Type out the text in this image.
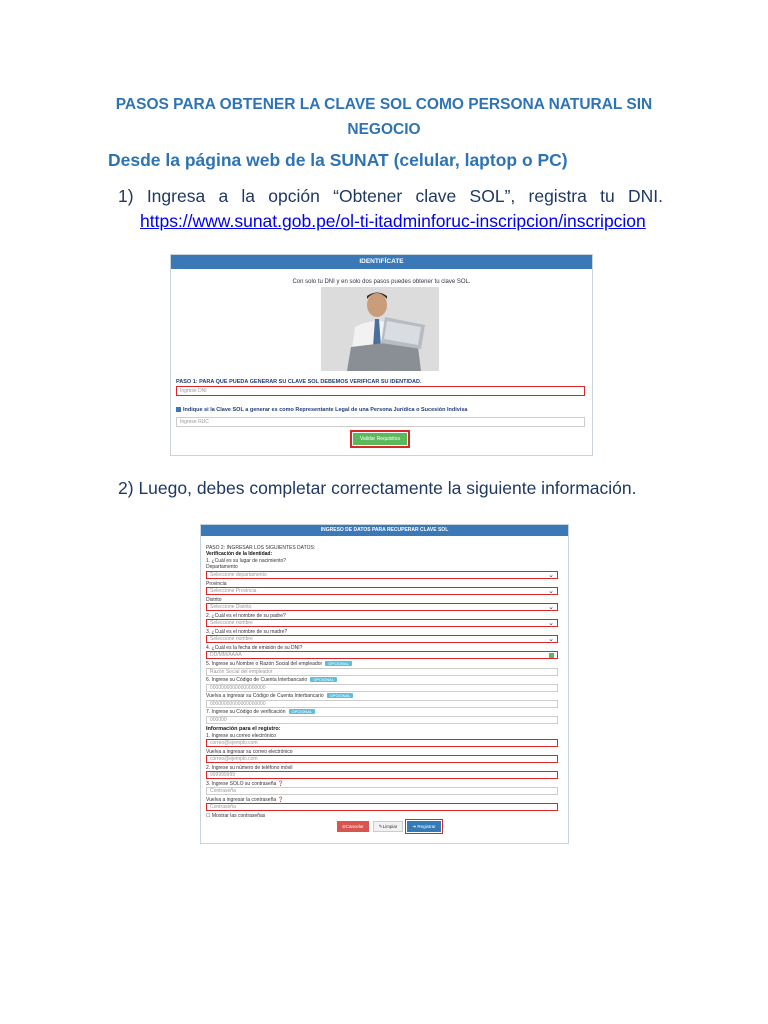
PASOS PARA OBTENER LA CLAVE SOL COMO PERSONA NATURAL SIN
NEGOCIO
Desde la página web de la SUNAT (celular, laptop o PC)
1) Ingresa a la opción “Obtener clave SOL”, registra tu DNI.
https://www.sunat.gob.pe/ol-ti-itadminforuc-inscripcion/inscripcion
IDENTIFÍCATE
Con solo tu DNI y en solo dos pasos puedes obtener tu clave SOL.
PASO 1: PARA QUE PUEDA GENERAR SU CLAVE SOL DEBEMOS VERIFICAR SU IDENTIDAD.
Ingrese DNI
Indique si la Clave SOL a generar es como Representante Legal de una Persona Jurídica o Sucesión Indivisa
Ingrese RUC
Validar Requisitos
2) Luego, debes completar correctamente la siguiente información.
INGRESO DE DATOS PARA RECUPERAR CLAVE SOL
PASO 2: INGRESAR LOS SIGUIENTES DATOS:
Verificación de la Identidad:
1. ¿Cuál es su lugar de nacimiento?
Departamento
Seleccione departamento	⌄
Provincia
Seleccione Provincia	⌄
Distrito
Seleccione Distrito	⌄
2. ¿Cuál es el nombre de su padre?
Seleccione nombre	⌄
3. ¿Cuál es el nombre de su madre?
Seleccione nombre	⌄
4. ¿Cuál es la fecha de emisión de su DNI?
DD/MM/AAAA
5. Ingrese su Nombre o Razón Social del empleador OPCIONAL
Razón Social del empleador
6. Ingrese su Código de Cuenta Interbancario OPCIONAL
00000000000000000000
Vuelva a ingresar su Código de Cuenta Interbancario OPCIONAL
00000000000000000000
7. Ingrese su Código de verificación OPCIONAL
000000
Información para el registro:
1. Ingrese su correo electrónico
correo@ejemplo.com
Vuelva a ingresar su correo electrónico
correo@ejemplo.com
2. Ingrese su número de teléfono móvil
999999999
3. Ingrese SOLO su contraseña ❓
Contraseña
Vuelva a ingresar la contraseña ❓
Contraseña
☐ Mostrar las contraseñas
⊘Cancelar	✎Limpiar	➔ Registrar
